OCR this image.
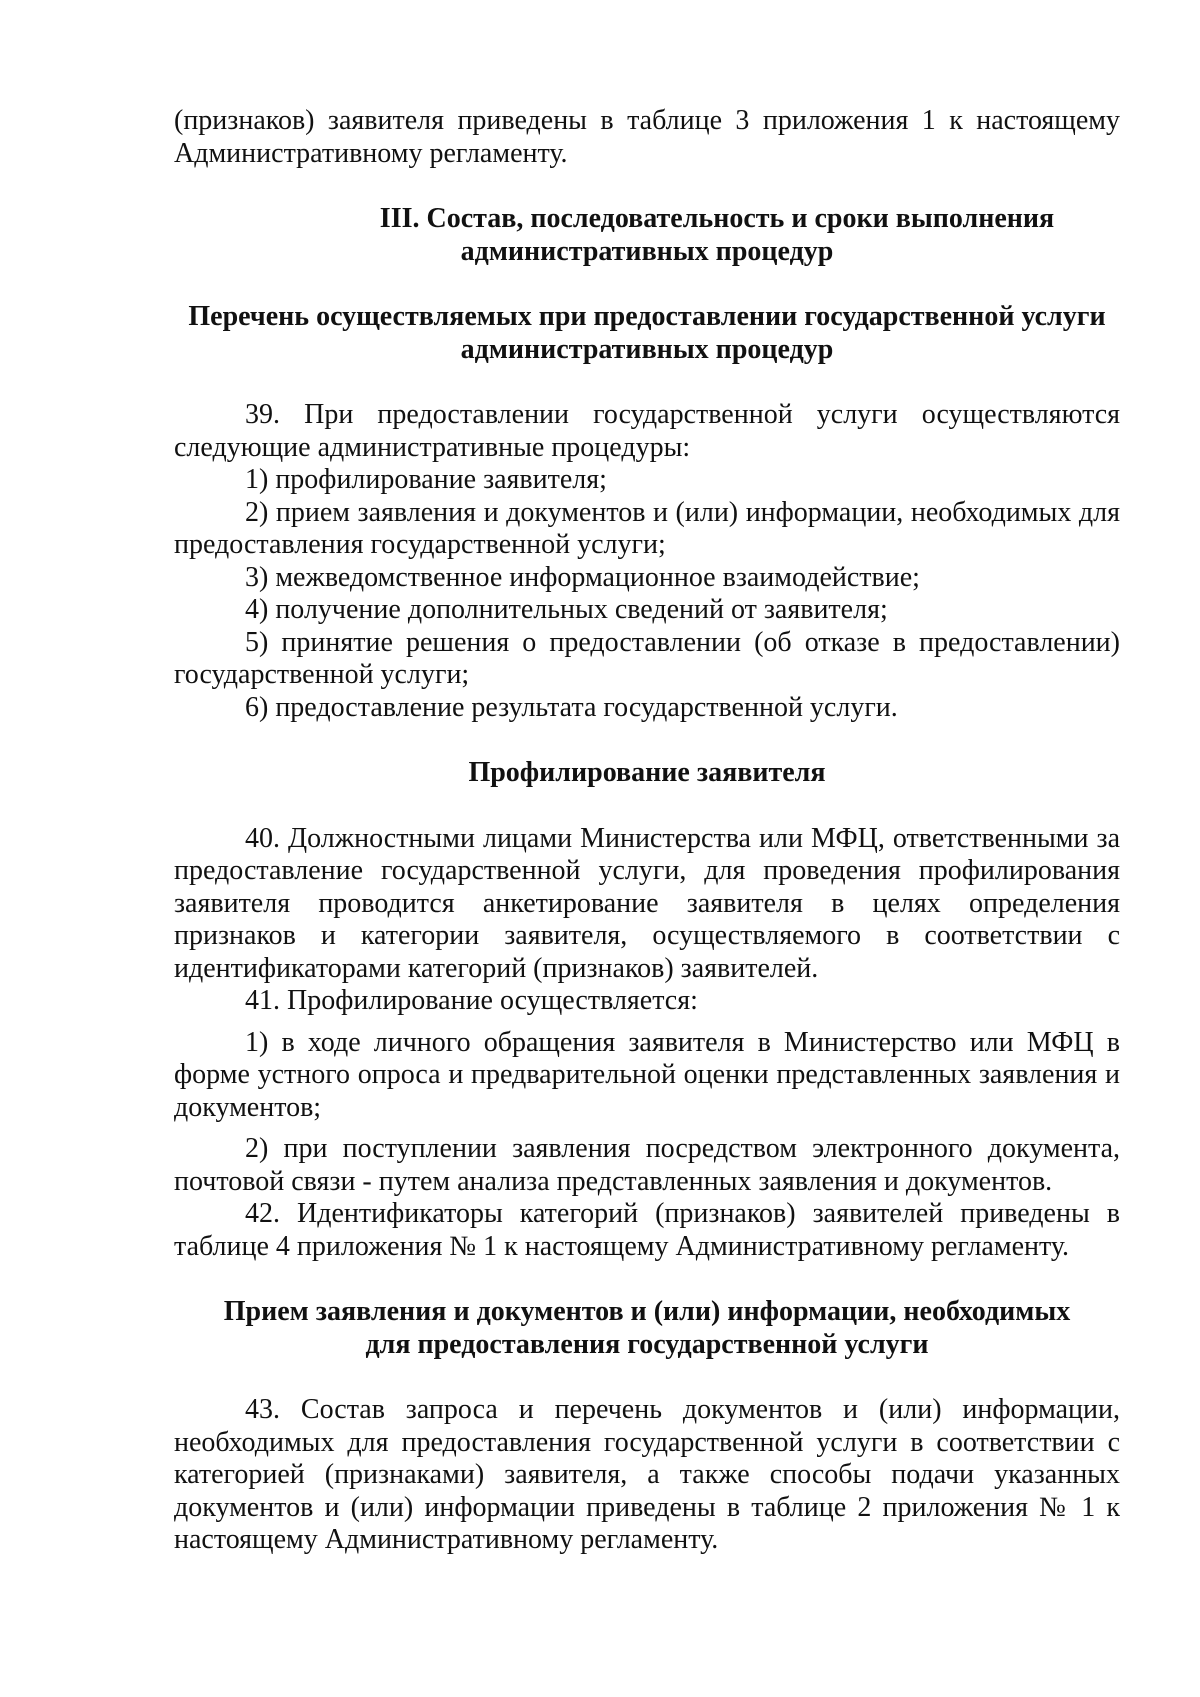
(признаков) заявителя приведены в таблице 3 приложения 1 к настоящему Административному регламенту.

III. Состав, последовательность и сроки выполнения

административных процедур

Перечень осуществляемых при предоставлении государственной услуги

административных процедур

39. При предоставлении государственной услуги осуществляются следующие административные процедуры:

1) профилирование заявителя;

2) прием заявления и документов и (или) информации, необходимых для предоставления государственной услуги;

3) межведомственное информационное взаимодействие;

4) получение дополнительных сведений от заявителя;

5) принятие решения о предоставлении (об отказе в предоставлении) государственной услуги;

6) предоставление результата государственной услуги.

Профилирование заявителя

40. Должностными лицами Министерства или МФЦ, ответственными за предоставление государственной услуги, для проведения профилирования заявителя проводится анкетирование заявителя в целях определения признаков и категории заявителя, осуществляемого в соответствии с идентификаторами категорий (признаков) заявителей.

41. Профилирование осуществляется:

1) в ходе личного обращения заявителя в Министерство или МФЦ в форме устного опроса и предварительной оценки представленных заявления и документов;

2) при поступлении заявления посредством электронного документа, почтовой связи - путем анализа представленных заявления и документов.

42. Идентификаторы категорий (признаков) заявителей приведены в таблице 4 приложения № 1 к настоящему Административному регламенту.

Прием заявления и документов и (или) информации, необходимых

для предоставления государственной услуги

43. Состав запроса и перечень документов и (или) информации, необходимых для предоставления государственной услуги в соответствии с категорией (признаками) заявителя, а также способы подачи указанных документов и (или) информации приведены в таблице 2 приложения № 1 к настоящему Административному регламенту.
